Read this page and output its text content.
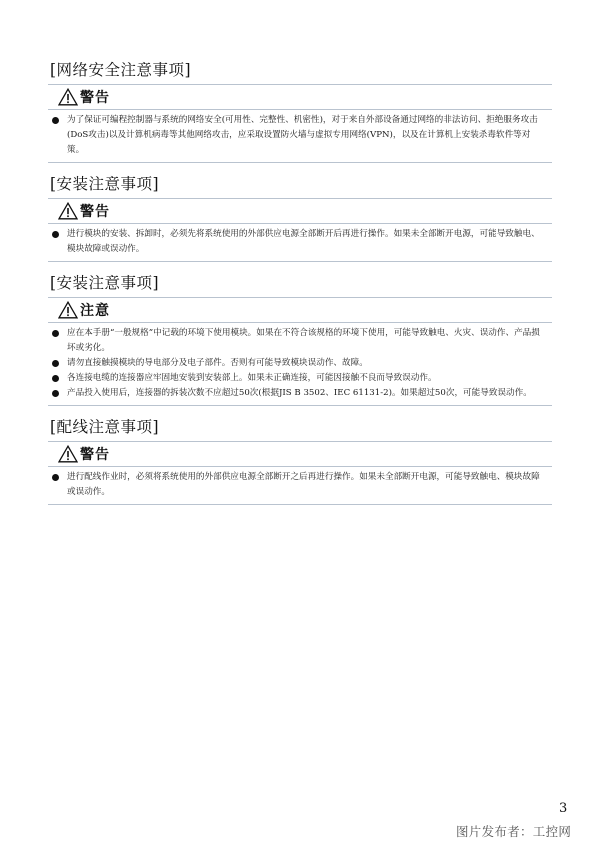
[网络安全注意事项]
警告
为了保证可编程控制器与系统的网络安全(可用性、完整性、机密性)，对于来自外部设备通过网络的非法访问、拒绝服务攻击(DoS攻击)以及计算机病毒等其他网络攻击，应采取设置防火墙与虚拟专用网络(VPN)，以及在计算机上安装杀毒软件等对策。
[安装注意事项]
警告
进行模块的安装、拆卸时，必须先将系统使用的外部供应电源全部断开后再进行操作。如果未全部断开电源，可能导致触电、模块故障或误动作。
[安装注意事项]
注意
应在本手册“一般规格”中记载的环境下使用模块。如果在不符合该规格的环境下使用，可能导致触电、火灾、误动作、产品损坏或劣化。
请勿直接触摸模块的导电部分及电子部件。否则有可能导致模块误动作、故障。
各连接电缆的连接器应牢固地安装到安装部上。如果未正确连接，可能因接触不良而导致误动作。
产品投入使用后，连接器的拆装次数不应超过50次(根据JIS B 3502、IEC 61131-2)。如果超过50次，可能导致误动作。
[配线注意事项]
警告
进行配线作业时，必须将系统使用的外部供应电源全部断开之后再进行操作。如果未全部断开电源，可能导致触电、模块故障或误动作。
3
图片发布者：工控网
